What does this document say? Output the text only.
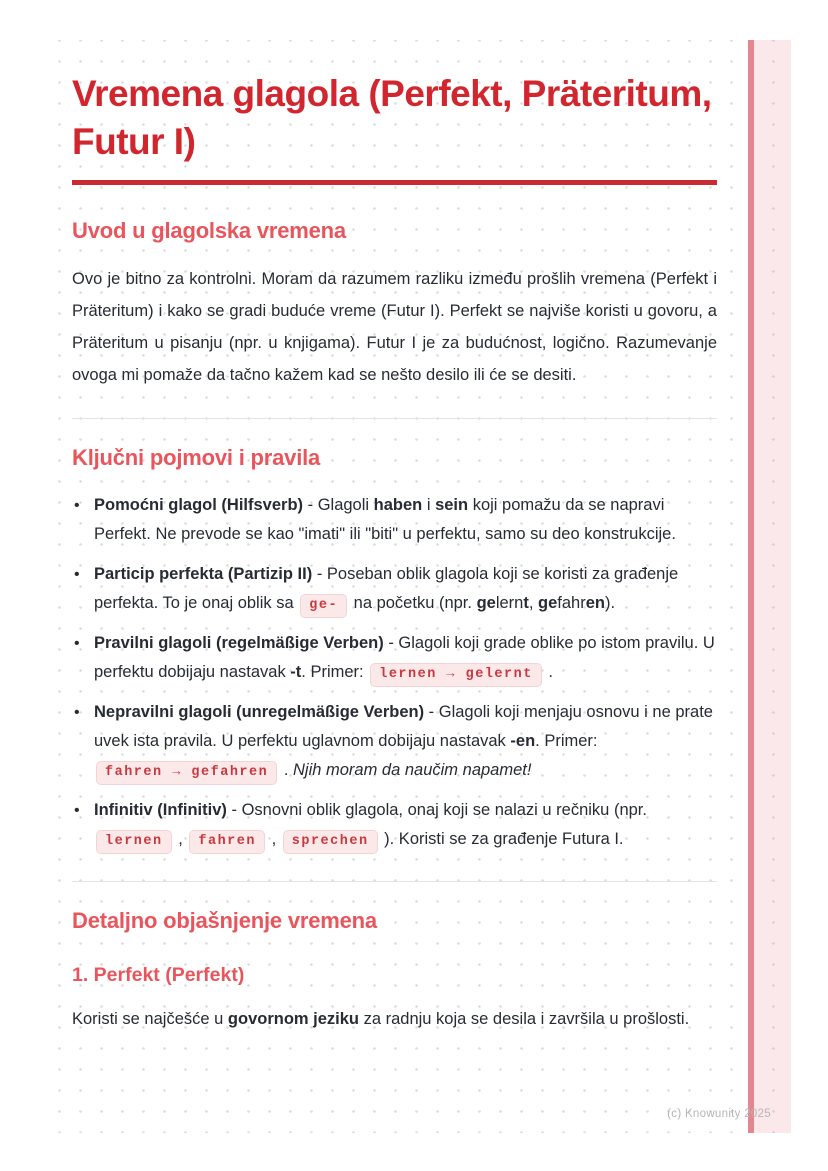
Vremena glagola (Perfekt, Präteritum, Futur I)
Uvod u glagolska vremena

Ovo je bitno za kontrolni. Moram da razumem razliku između prošlih vremena (Perfekt i Präteritum) i kako se gradi buduće vreme (Futur I). Perfekt se najviše koristi u govoru, a Präteritum u pisanju (npr. u knjigama). Futur I je za budućnost, logično. Razumevanje ovoga mi pomaže da tačno kažem kad se nešto desilo ili će se desiti.

Ključni pojmovi i pravila
• Pomoćni glagol (Hilfsverb) - Glagoli haben i sein koji pomažu da se napravi Perfekt. Ne prevode se kao "imati" ili "biti" u perfektu, samo su deo konstrukcije.
• Particip perfekta (Partizip II) - Poseban oblik glagola koji se koristi za građenje perfekta. To je onaj oblik sa ge- na početku (npr. gelernt, gefahren).
• Pravilni glagoli (regelmäßige Verben) - Glagoli koji grade oblike po istom pravilu. U perfektu dobijaju nastavak -t. Primer: lernen → gelernt .
• Nepravilni glagoli (unregelmäßige Verben) - Glagoli koji menjaju osnovu i ne prate uvek ista pravila. U perfektu uglavnom dobijaju nastavak -en. Primer: fahren → gefahren . Njih moram da naučim napamet!
• Infinitiv (Infinitiv) - Osnovni oblik glagola, onaj koji se nalazi u rečniku (npr. lernen , fahren , sprechen ). Koristi se za građenje Futura I.
Detaljno objašnjenje vremena
1. Perfekt (Perfekt)

Koristi se najčešće u govornom jeziku za radnju koja se desila i završila u prošlosti.

(c) Knowunity 2025
